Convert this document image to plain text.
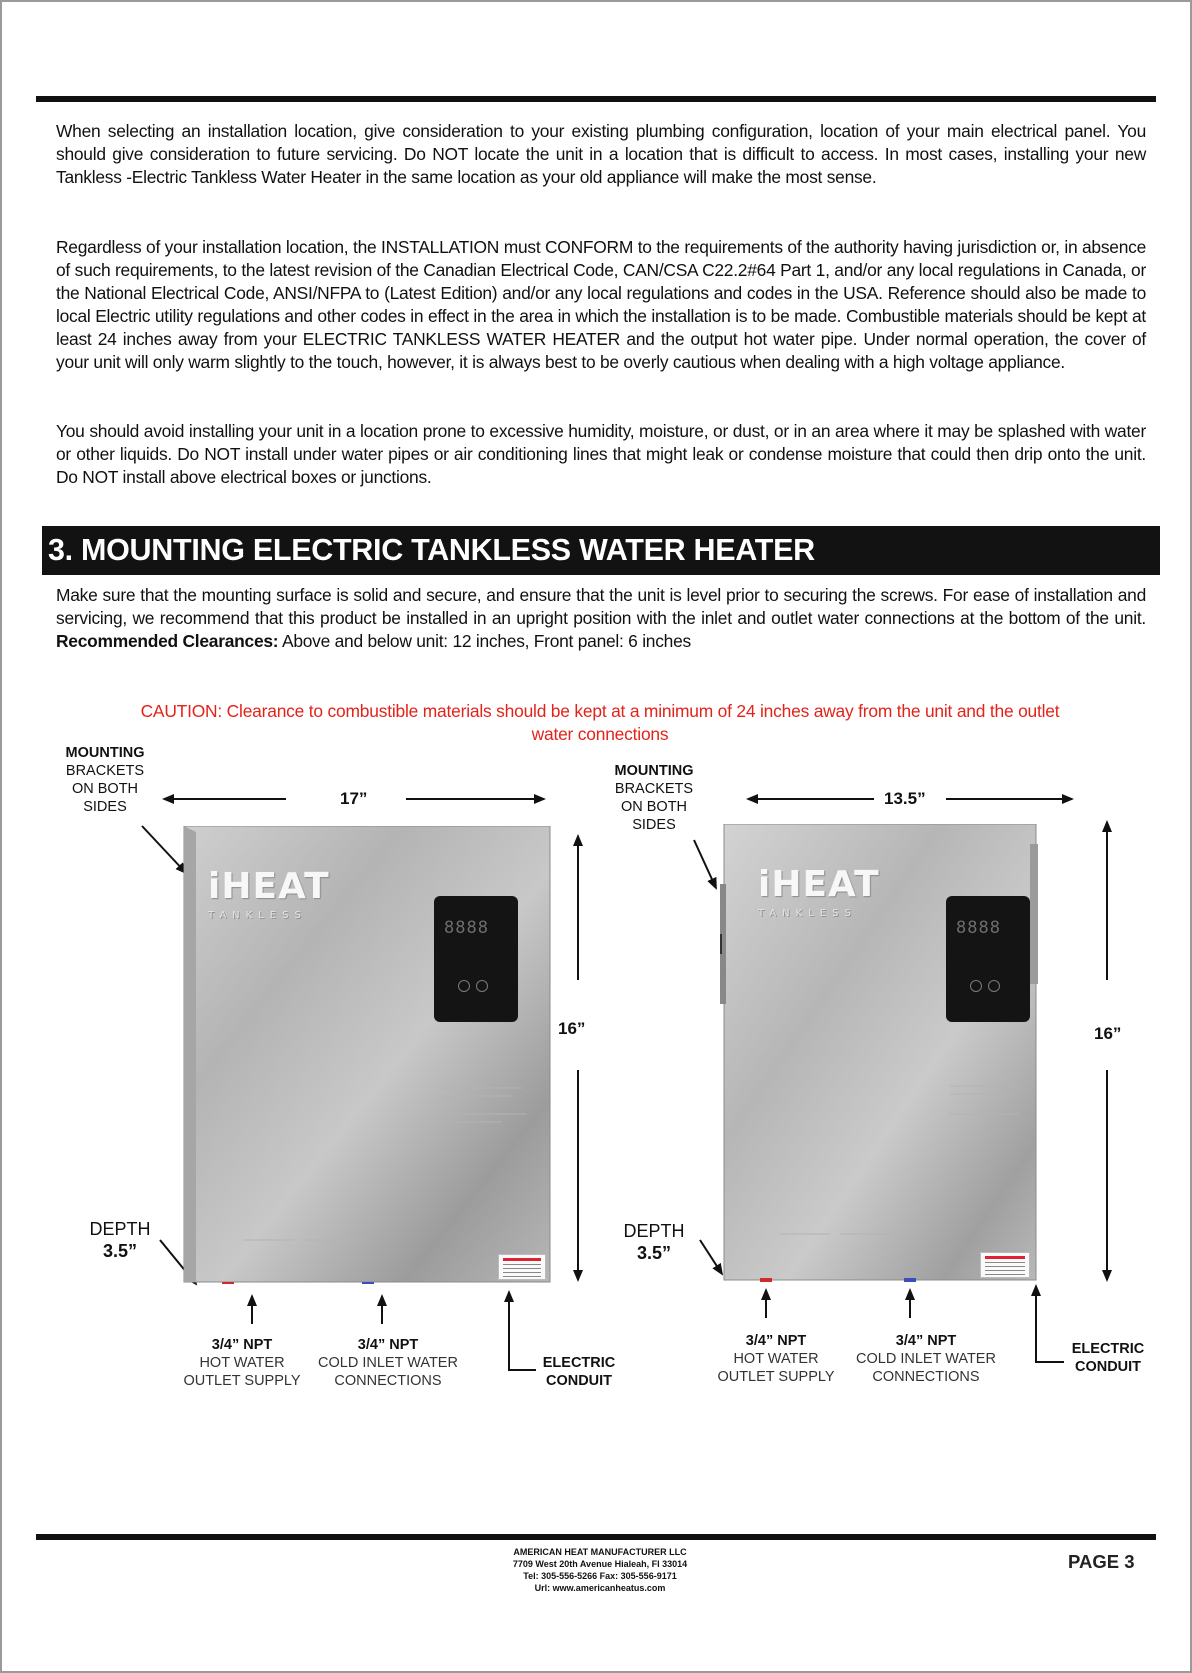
When selecting an installation location, give consideration to your existing plumbing configuration, location of your main electrical panel. You should give consideration to future servicing. Do NOT locate the unit in a location that is difficult to access. In most cases, installing your new Tankless -Electric Tankless Water Heater in the same location as your old appliance will make the most sense.

Regardless of your installation location, the INSTALLATION must CONFORM to the requirements of the authority having jurisdiction or, in absence of such requirements, to the latest revision of the Canadian Electrical Code, CAN/CSA C22.2#64 Part 1, and/or any local regulations in Canada, or the National Electrical Code, ANSI/NFPA to (Latest Edition) and/or any local regulations and codes in the USA. Reference should also be made to local Electric utility regulations and other codes in effect in the area in which the installation is to be made. Combustible materials should be kept at least 24 inches away from your ELECTRIC TANKLESS WATER HEATER and the output hot water pipe. Under normal operation, the cover of your unit will only warm slightly to the touch, however, it is always best to be overly cautious when dealing with a high voltage appliance.

You should avoid installing your unit in a location prone to excessive humidity, moisture, or dust, or in an area where it may be splashed with water or other liquids. Do NOT install under water pipes or air conditioning lines that might leak or condense moisture that could then drip onto the unit. Do NOT install above electrical boxes or junctions.

3. MOUNTING ELECTRIC TANKLESS WATER HEATER

Make sure that the mounting surface is solid and secure, and ensure that the unit is level prior to securing the screws. For ease of installation and servicing, we recommend that this product be installed in an upright position with the inlet and outlet water connections at the bottom of the unit. Recommended Clearances: Above and below unit: 12 inches, Front panel: 6 inches

CAUTION: Clearance to combustible materials should be kept at a minimum of 24 inches away from the unit and the outlet
water connections
iHEAT
TANKLESS
8888
iHEAT
TANKLESS
8888
MOUNTING
BRACKETS
ON BOTH
SIDES	17”
16”
DEPTH
3.5”
3/4” NPT
HOT WATER
OUTLET SUPPLY
3/4” NPT
COLD INLET WATER
CONNECTIONS
ELECTRIC
CONDUIT
MOUNTING
BRACKETS
ON BOTH
SIDES
13.5”
16”
DEPTH
3.5”
3/4” NPT
HOT WATER
OUTLET SUPPLY
3/4” NPT
COLD INLET WATER
CONNECTIONS
ELECTRIC
CONDUIT
AMERICAN HEAT MANUFACTURER LLC
7709 West 20th Avenue Hialeah, Fl 33014
Tel: 305-556-5266 Fax: 305-556-9171
Url: www.americanheatus.com
PAGE 3
